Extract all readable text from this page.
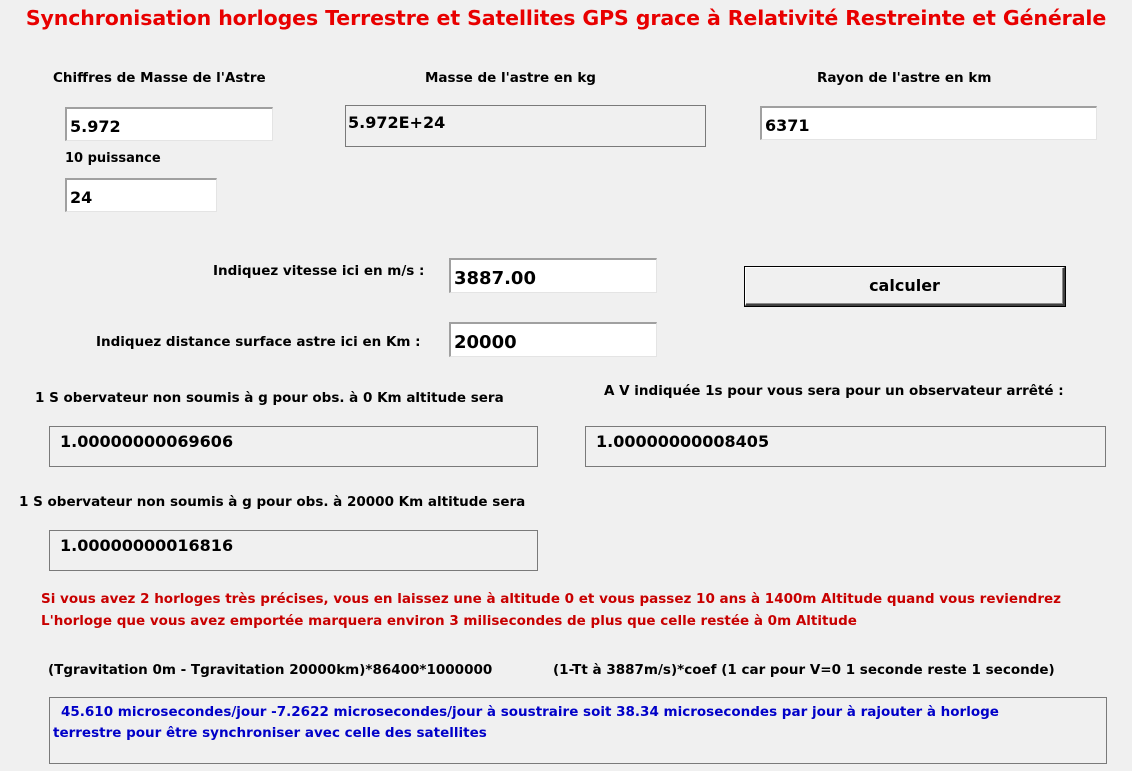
Synchronisation horloges Terrestre et Satellites GPS grace à Relativité Restreinte et Générale
Chiffres de Masse de l'Astre
5.972
10 puissance
24
Masse de l'astre en kg
5.972E+24
Rayon de l'astre en km
6371
Indiquez vitesse ici en m/s :
3887.00
calculer
Indiquez distance surface astre ici en Km :
20000
1 S obervateur non soumis à g pour obs. à 0 Km altitude sera
1.00000000069606
A V indiquée 1s pour vous sera pour un observateur arrêté :
1.00000000008405
1 S obervateur non soumis à g pour obs. à 20000 Km altitude sera
1.00000000016816
Si vous avez 2 horloges très précises, vous en laissez une à altitude 0 et vous passez 10 ans à 1400m Altitude quand vous reviendrez
L'horloge que vous avez emportée marquera environ 3 milisecondes de plus que celle restée à 0m Altitude
(Tgravitation 0m - Tgravitation 20000km)*86400*1000000	(1-Tt à 3887m/s)*coef (1 car pour V=0 1 seconde reste 1 seconde)
45.610 microsecondes/jour -7.2622 microsecondes/jour à soustraire soit 38.34 microsecondes par jour à rajouter à horloge
terrestre pour être synchroniser avec celle des satellites
